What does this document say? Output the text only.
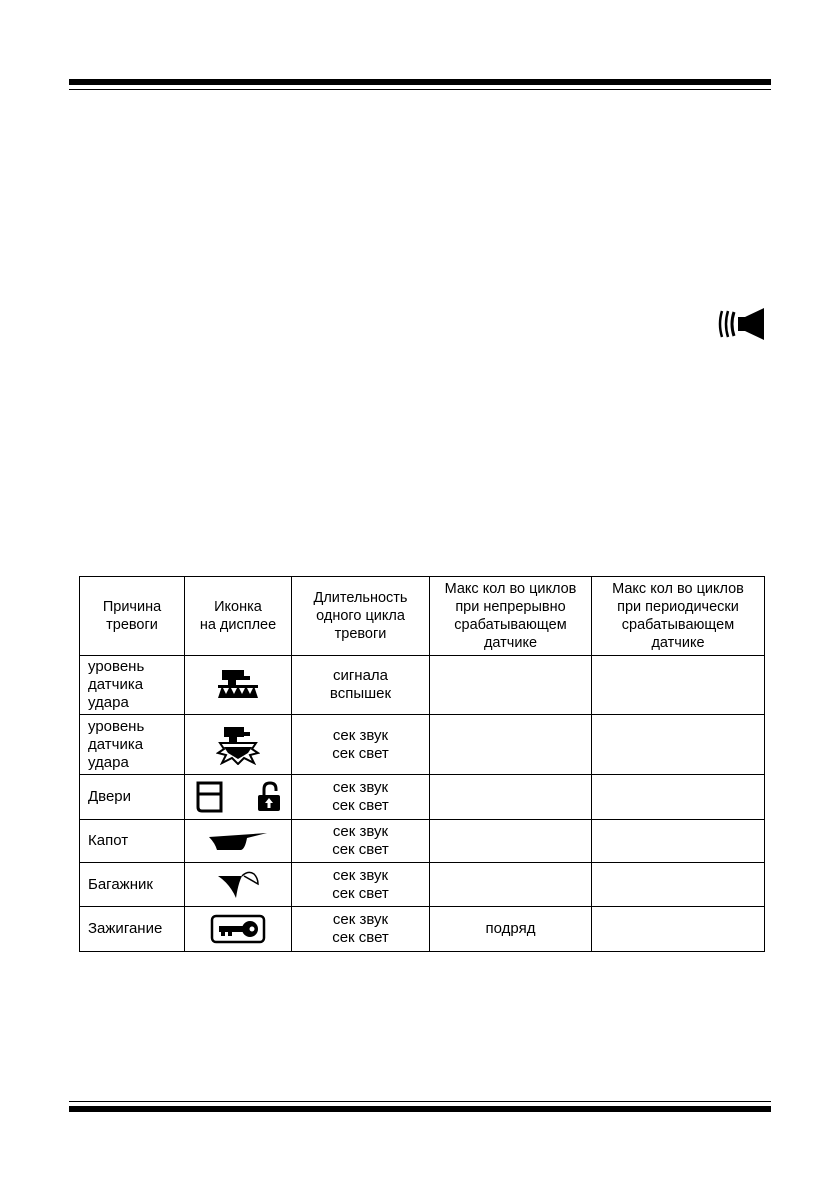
Причина
тревоги	Иконка
на дисплее	Длительность
одного цикла
тревоги	Макс кол во циклов
при непрерывно
срабатывающем
датчике	Макс кол во циклов
при периодически
срабатывающем
датчике
уровень
датчика
удара		сигнала
вспышек		
уровень
датчика
удара		сек звук
сек свет		
Двери		сек звук
сек свет		
Капот		сек звук
сек свет		
Багажник		сек звук
сек свет		
Зажигание		сек звук
сек свет	подряд	
